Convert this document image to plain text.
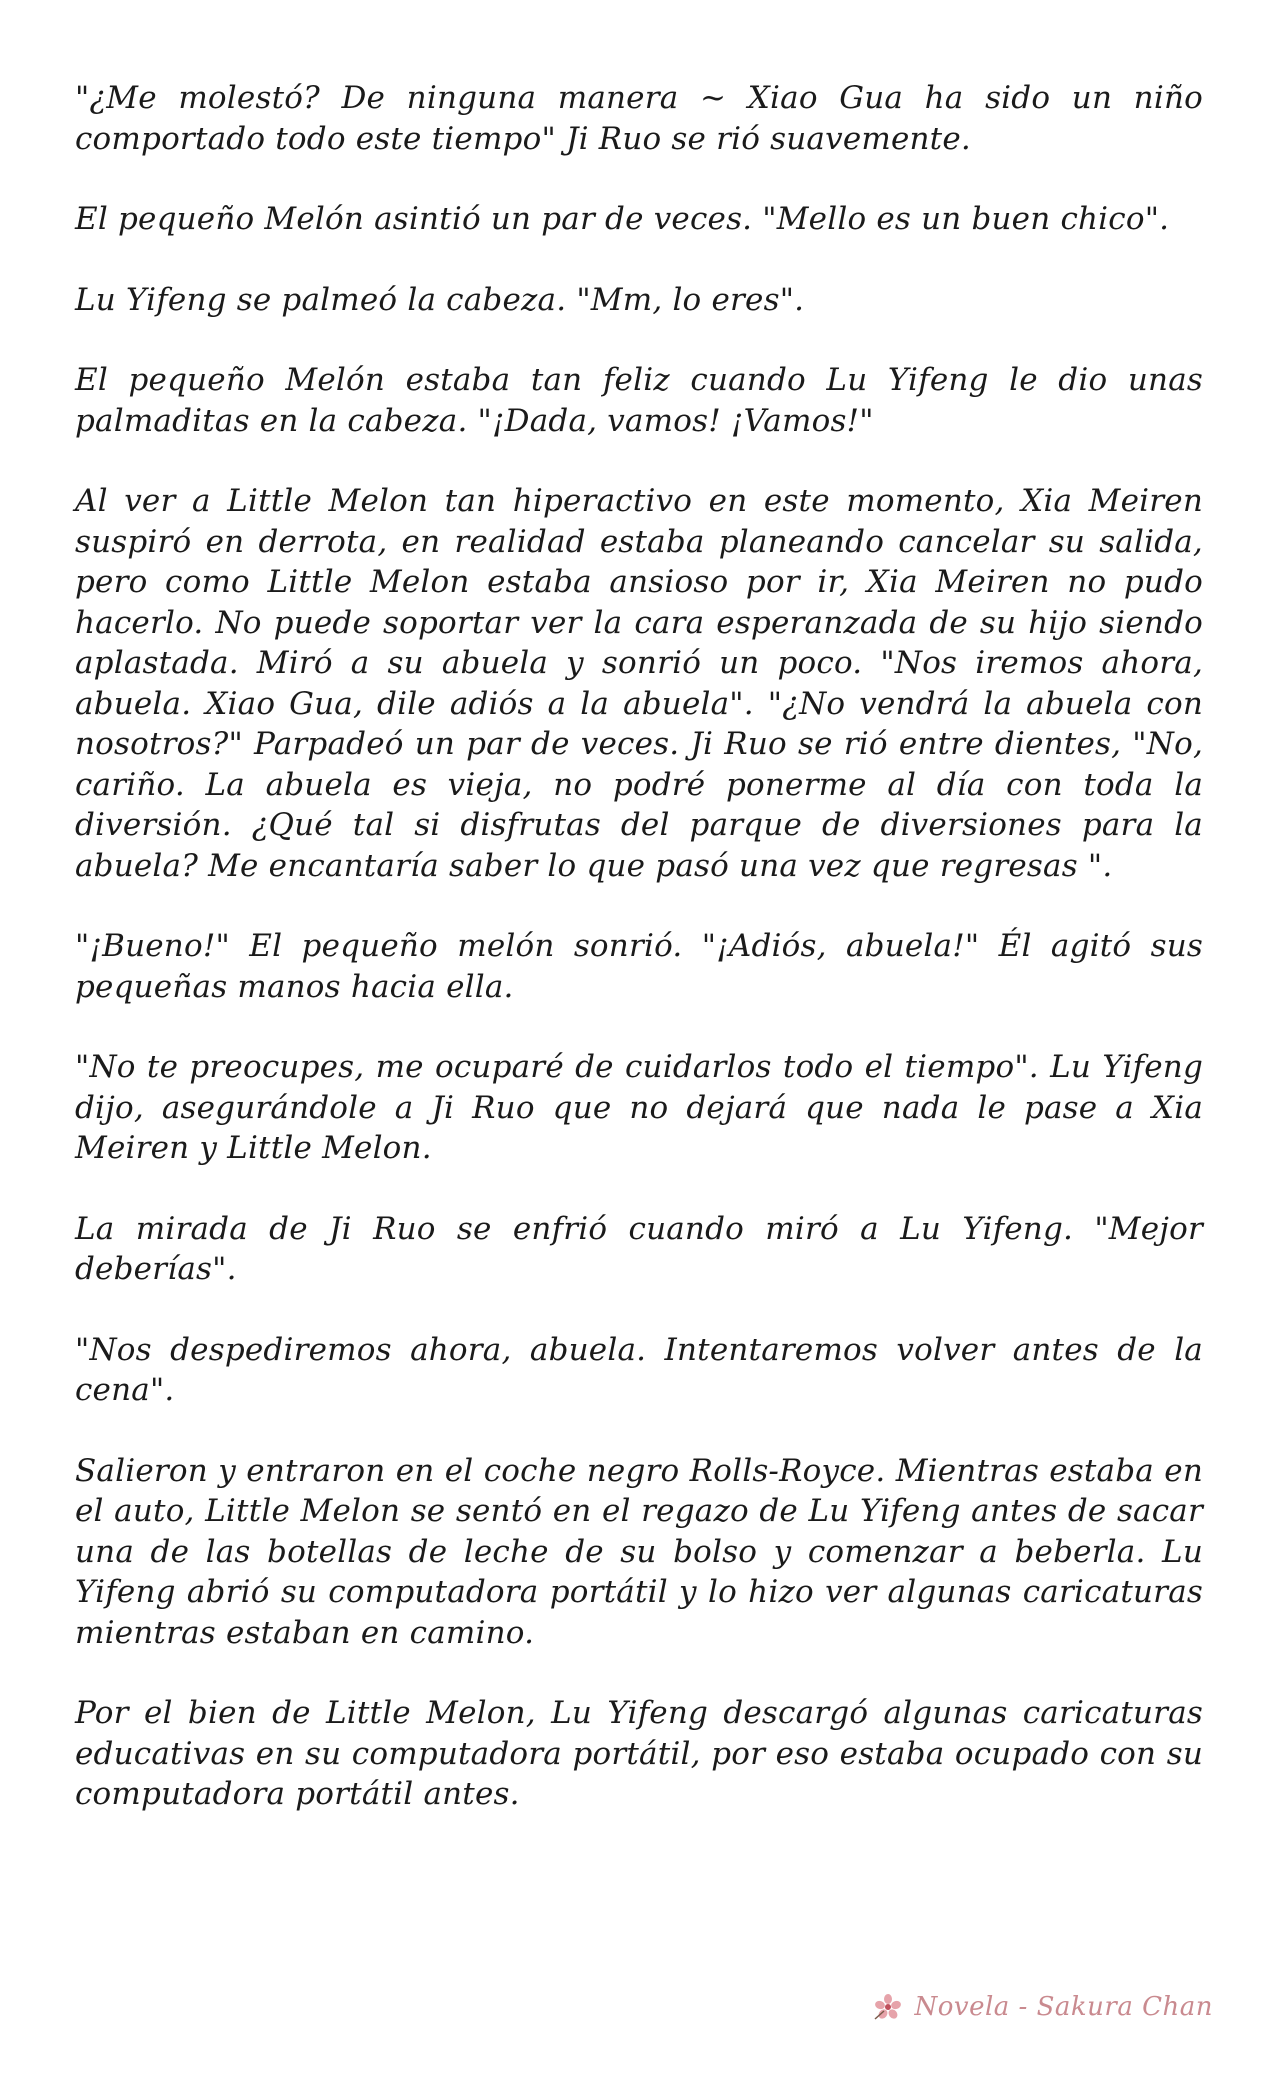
"¿Me molestó? De ninguna manera ~ Xiao Gua ha sido un niño comportado todo este tiempo" Ji Ruo se rió suavemente.

El pequeño Melón asintió un par de veces. "Mello es un buen chico".

Lu Yifeng se palmeó la cabeza. "Mm, lo eres".

El pequeño Melón estaba tan feliz cuando Lu Yifeng le dio unas palmaditas en la cabeza. "¡Dada, vamos! ¡Vamos!"

Al ver a Little Melon tan hiperactivo en este momento, Xia Meiren suspiró en derrota, en realidad estaba planeando cancelar su salida, pero como Little Melon estaba ansioso por ir, Xia Meiren no pudo hacerlo. No puede soportar ver la cara esperanzada de su hijo siendo aplastada. Miró a su abuela y sonrió un poco. "Nos iremos ahora, abuela. Xiao Gua, dile adiós a la abuela". "¿No vendrá la abuela con nosotros?" Parpadeó un par de veces. Ji Ruo se rió entre dientes, "No, cariño. La abuela es vieja, no podré ponerme al día con toda la diversión. ¿Qué tal si disfrutas del parque de diversiones para la abuela? Me encantaría saber lo que pasó una vez que regresas ".

"¡Bueno!" El pequeño melón sonrió. "¡Adiós, abuela!" Él agitó sus pequeñas manos hacia ella.

"No te preocupes, me ocuparé de cuidarlos todo el tiempo". Lu Yifeng dijo, asegurándole a Ji Ruo que no dejará que nada le pase a Xia Meiren y Little Melon.

La mirada de Ji Ruo se enfrió cuando miró a Lu Yifeng. "Mejor deberías".

"Nos despediremos ahora, abuela. Intentaremos volver antes de la cena".

Salieron y entraron en el coche negro Rolls-Royce. Mientras estaba en el auto, Little Melon se sentó en el regazo de Lu Yifeng antes de sacar una de las botellas de leche de su bolso y comenzar a beberla. Lu Yifeng abrió su computadora portátil y lo hizo ver algunas caricaturas mientras estaban en camino.

Por el bien de Little Melon, Lu Yifeng descargó algunas caricaturas educativas en su computadora portátil, por eso estaba ocupado con su computadora portátil antes.

Novela - Sakura Chan
